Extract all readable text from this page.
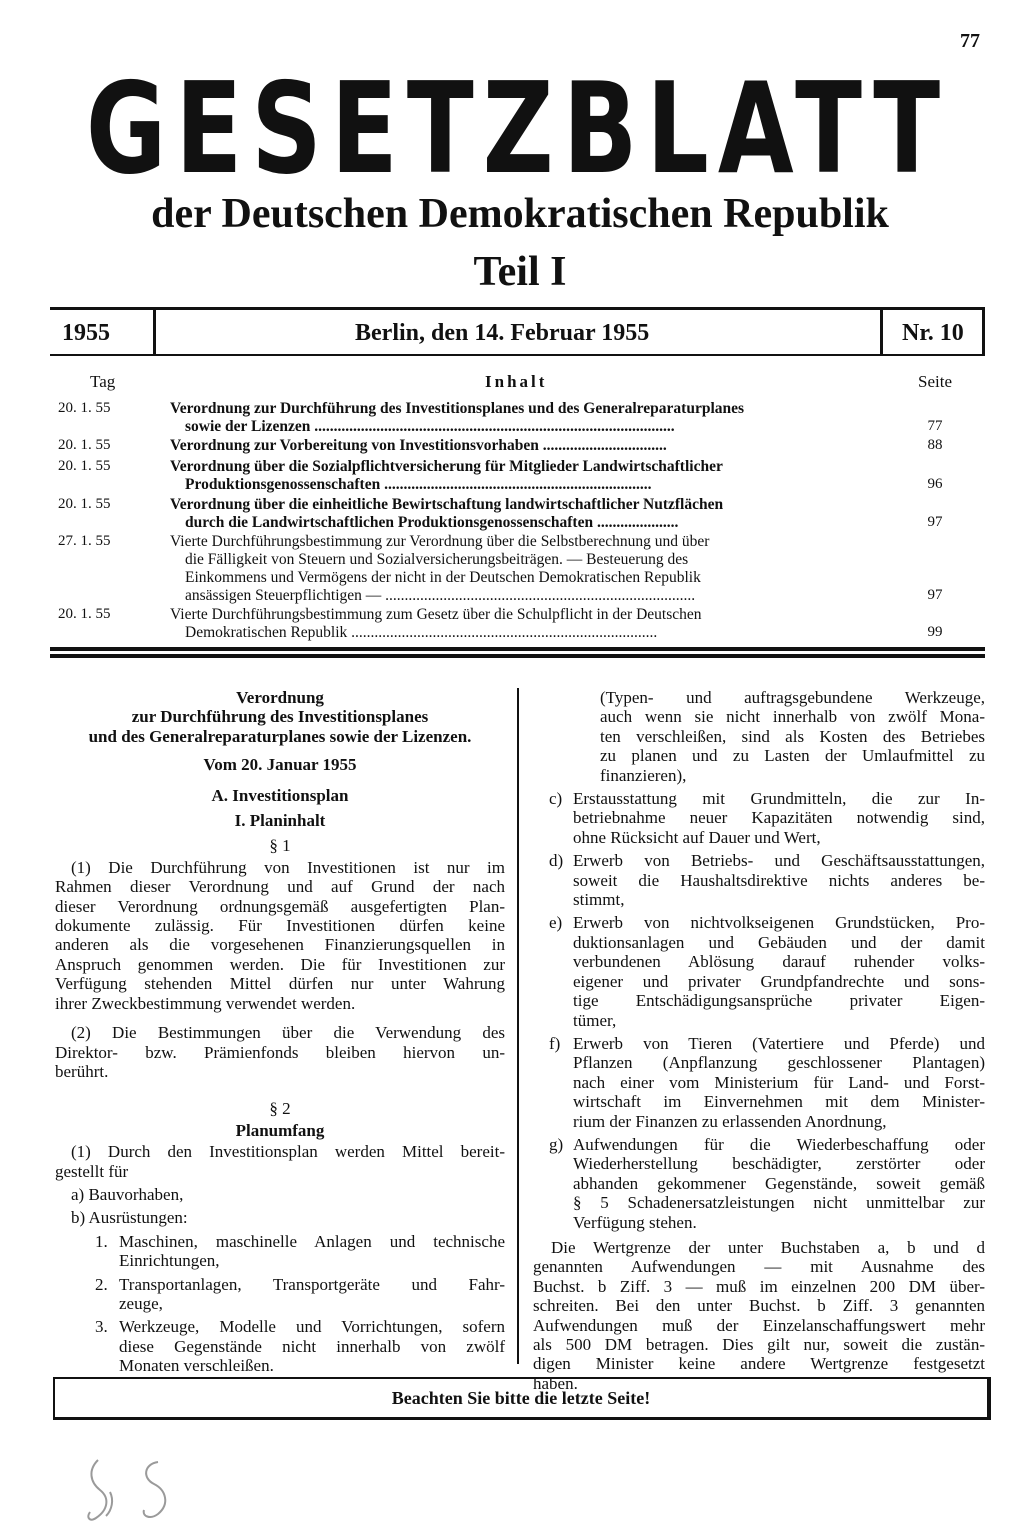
77
GESETZBLATT
der Deutschen Demokratischen Republik
Teil I
1955	Berlin, den 14. Februar 1955	Nr. 10
Tag	Inhalt	Seite
20. 1. 55	Verordnung zur Durchführung des Investitionsplanes und des Generalreparaturplanes
sowie der Lizenzen .............................................................................................	77
20. 1. 55	Verordnung zur Vorbereitung von Investitionsvorhaben ................................	88
20. 1. 55	Verordnung über die Sozialpflichtversicherung für Mitglieder Landwirtschaftlicher
Produktionsgenossenschaften .....................................................................	96
20. 1. 55	Verordnung über die einheitliche Bewirtschaftung landwirtschaftlicher Nutzflächen
durch die Landwirtschaftlichen Produktionsgenossenschaften .....................	97
27. 1. 55	Vierte Durchführungsbestimmung zur Verordnung über die Selbstberechnung und über
die Fälligkeit von Steuern und Sozialversicherungsbeiträgen. — Besteuerung des
Einkommens und Vermögens der nicht in der Deutschen Demokratischen Republik
ansässigen Steuerpflichtigen — ................................................................................	97
20. 1. 55	Vierte Durchführungsbestimmung zum Gesetz über die Schulpflicht in der Deutschen
Demokratischen Republik ...............................................................................	99

Verordnung

zur Durchführung des Investitionsplanes

und des Generalreparaturplanes sowie der Lizenzen.

Vom 20. Januar 1955

A. Investitionsplan

I. Planinhalt

§ 1

(1) Die Durchführung von Investitionen ist nur im

Rahmen dieser Verordnung und auf Grund der nach

dieser Verordnung ordnungsgemäß ausgefertigten Plan-

dokumente zulässig. Für Investitionen dürfen keine

anderen als die vorgesehenen Finanzierungsquellen in

Anspruch genommen werden. Die für Investitionen zur

Verfügung stehenden Mittel dürfen nur unter Wahrung

ihrer Zweckbestimmung verwendet werden.

(2) Die Bestimmungen über die Verwendung des

Direktor- bzw. Prämienfonds bleiben hiervon un-

berührt.

§ 2

Planumfang

(1) Durch den Investitionsplan werden Mittel bereit-

gestellt für

a) Bauvorhaben,

b) Ausrüstungen:

1. Maschinen, maschinelle Anlagen und technische

Einrichtungen,

2. Transportanlagen, Transportgeräte und Fahr-

zeuge,

3. Werkzeuge, Modelle und Vorrichtungen, sofern

diese Gegenstände nicht innerhalb von zwölf

Monaten verschleißen.

(Typen- und auftragsgebundene Werkzeuge,

auch wenn sie nicht innerhalb von zwölf Mona-

ten verschleißen, sind als Kosten des Betriebes

zu planen und zu Lasten der Umlaufmittel zu

finanzieren),

c) Erstausstattung mit Grundmitteln, die zur In-

betriebnahme neuer Kapazitäten notwendig sind,

ohne Rücksicht auf Dauer und Wert,

d) Erwerb von Betriebs- und Geschäftsausstattungen,

soweit die Haushaltsdirektive nichts anderes be-

stimmt,

e) Erwerb von nichtvolkseigenen Grundstücken, Pro-

duktionsanlagen und Gebäuden und der damit

verbundenen Ablösung darauf ruhender volks-

eigener und privater Grundpfandrechte und sons-

tige Entschädigungsansprüche privater Eigen-

tümer,

f) Erwerb von Tieren (Vatertiere und Pferde) und

Pflanzen (Anpflanzung geschlossener Plantagen)

nach einer vom Ministerium für Land- und Forst-

wirtschaft im Einvernehmen mit dem Minister-

rium der Finanzen zu erlassenden Anordnung,

g) Aufwendungen für die Wiederbeschaffung oder

Wiederherstellung beschädigter, zerstörter oder

abhanden gekommener Gegenstände, soweit gemäß

§ 5 Schadenersatzleistungen nicht unmittelbar zur

Verfügung stehen.

Die Wertgrenze der unter Buchstaben a, b und d

genannten Aufwendungen — mit Ausnahme des

Buchst. b Ziff. 3 — muß im einzelnen 200 DM über-

schreiten. Bei den unter Buchst. b Ziff. 3 genannten

Aufwendungen muß der Einzelanschaffungswert mehr

als 500 DM betragen. Dies gilt nur, soweit die zustän-

digen Minister keine andere Wertgrenze festgesetzt

haben.

Beachten Sie bitte die letzte Seite!
